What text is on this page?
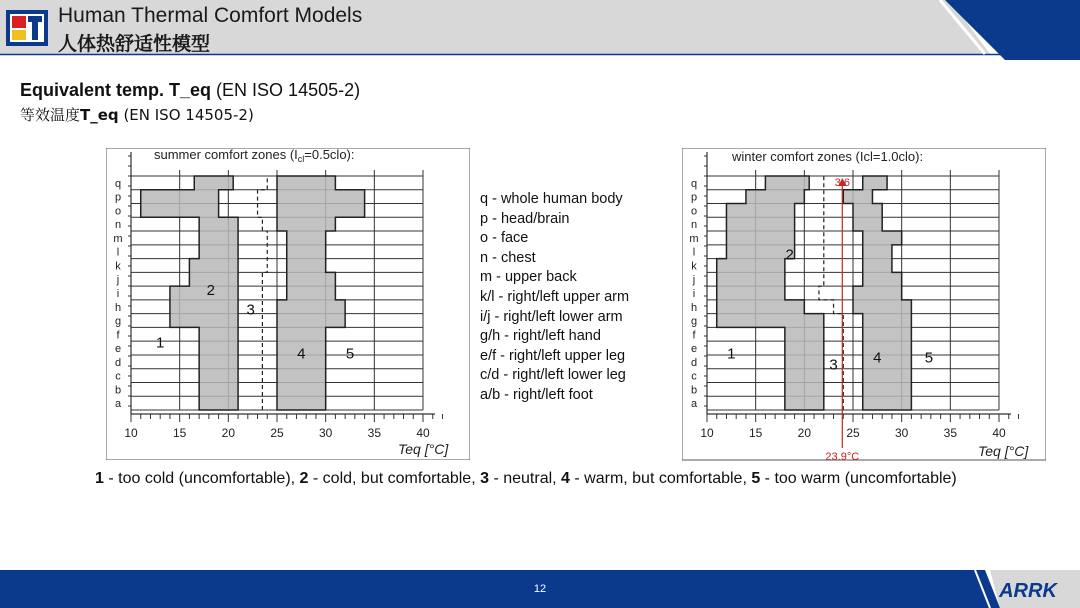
Human Thermal Comfort Models
人体热舒适性模型
Equivalent temp. T_eq (EN ISO 14505-2)
等效温度T_eq (EN ISO 14505-2)
1
2
3
4	5
a
b
c
d
e
f
g
h
i
j
k
l
m
n
o
p
q
10	15	20	25	30	35	40
summer comfort zones $(I_{cl}=0.5clo)$:
Teq [°C]
1
2
3 4	5
a
b
c
d
e
f
g
h
i
j
k
l
m
n
o
p
q
10	15	20	25	30	35	40
3.6
23.9°C
winter comfort zones (Icl=1.0clo):
Teq [°C]
q - whole human body
p - head/brain
o - face
n - chest
m - upper back
k/l - right/left upper arm
i/j - right/left lower arm
g/h - right/left hand
e/f - right/left upper leg
c/d - right/left lower leg
a/b - right/left foot
1 - too cold (uncomfortable), 2 - cold, but comfortable, 3 - neutral, 4 - warm, but comfortable, 5 - too warm (uncomfortable)
ARRK
12
